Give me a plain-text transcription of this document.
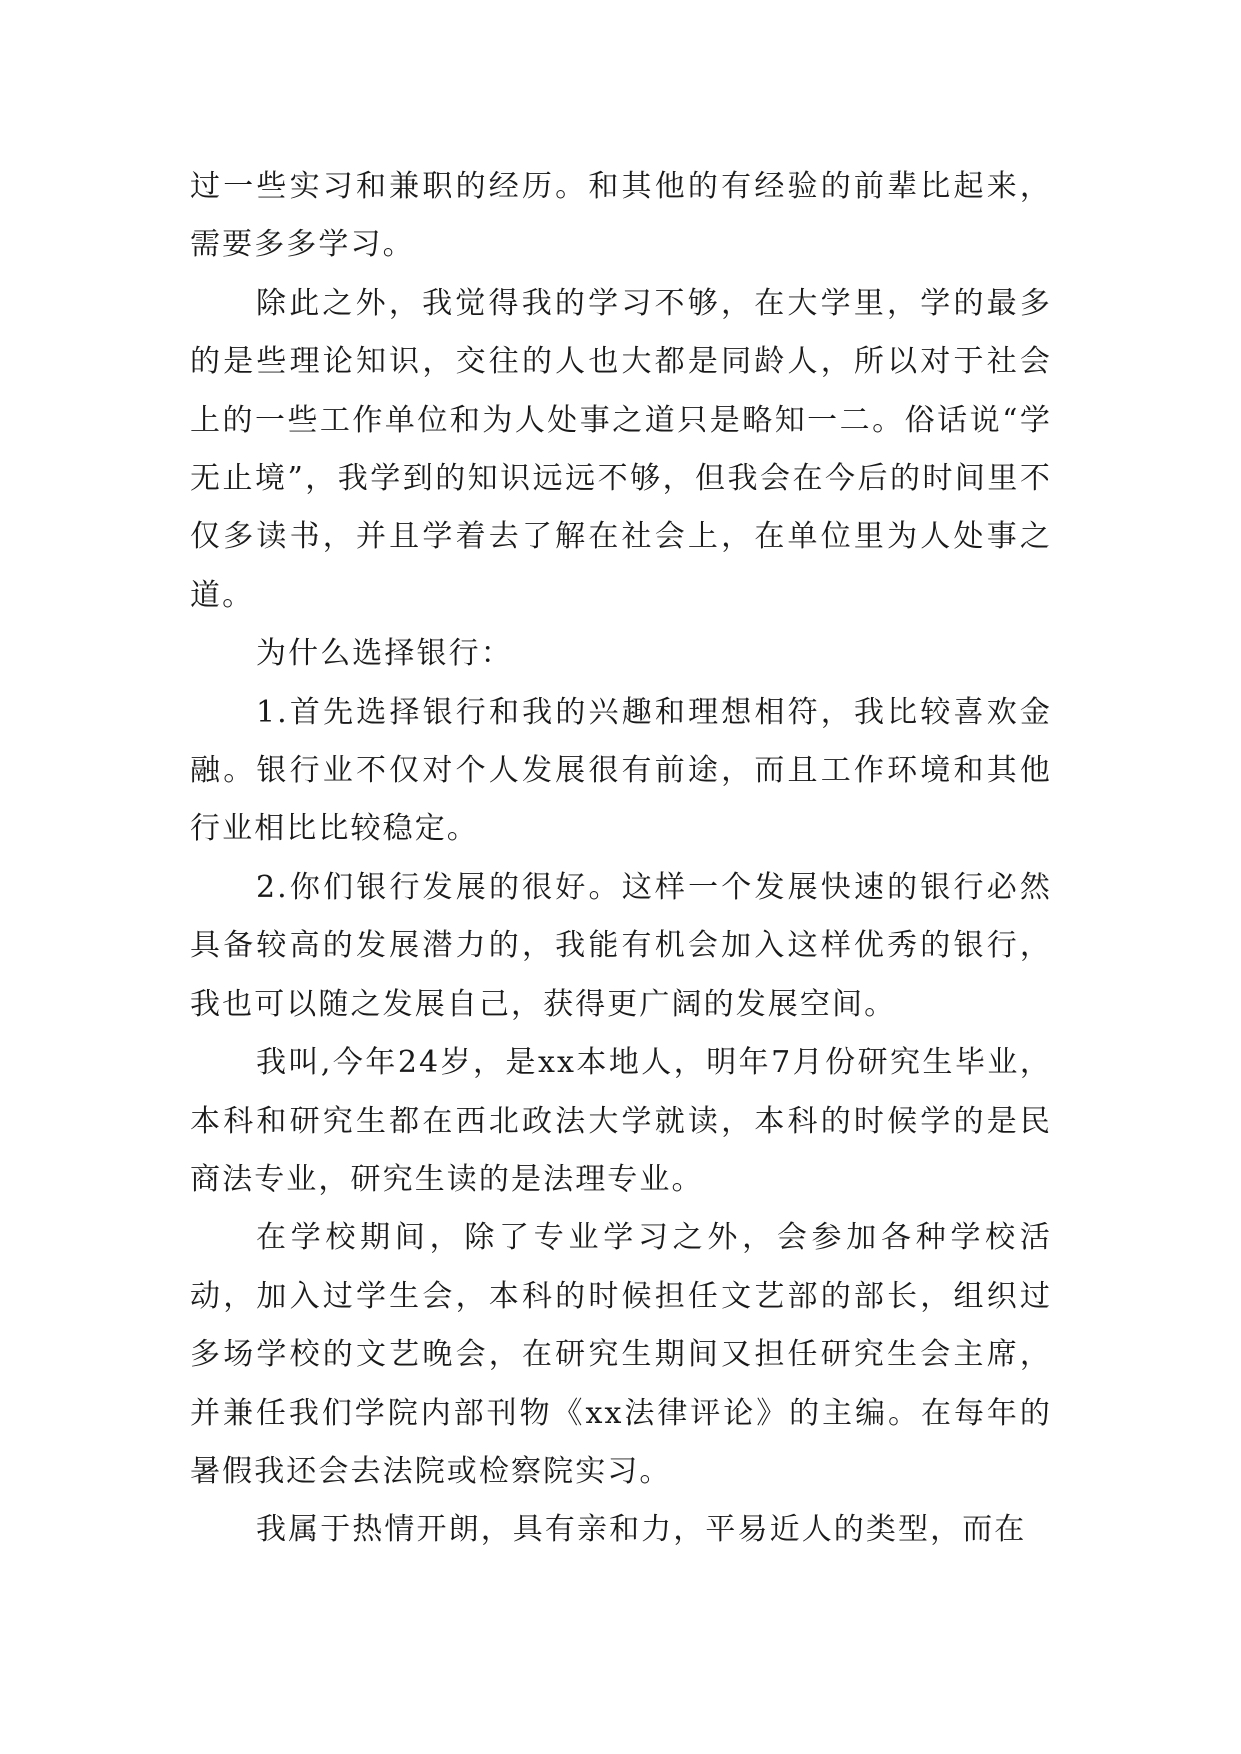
过一些实习和兼职的经历。和其他的有经验的前辈比起来，需要多多学习。

除此之外，我觉得我的学习不够，在大学里，学的最多的是些理论知识，交往的人也大都是同龄人，所以对于社会上的一些工作单位和为人处事之道只是略知一二。俗话说“学无止境”，我学到的知识远远不够，但我会在今后的时间里不仅多读书，并且学着去了解在社会上，在单位里为人处事之道。

为什么选择银行：

1.首先选择银行和我的兴趣和理想相符，我比较喜欢金融。银行业不仅对个人发展很有前途，而且工作环境和其他行业相比比较稳定。

2.你们银行发展的很好。这样一个发展快速的银行必然具备较高的发展潜力的，我能有机会加入这样优秀的银行，我也可以随之发展自己，获得更广阔的发展空间。

我叫,今年24岁，是xx本地人，明年7月份研究生毕业，本科和研究生都在西北政法大学就读，本科的时候学的是民商法专业，研究生读的是法理专业。

在学校期间，除了专业学习之外，会参加各种学校活动，加入过学生会，本科的时候担任文艺部的部长，组织过多场学校的文艺晚会，在研究生期间又担任研究生会主席，并兼任我们学院内部刊物《xx法律评论》的主编。在每年的暑假我还会去法院或检察院实习。

我属于热情开朗，具有亲和力，平易近人的类型，而在
